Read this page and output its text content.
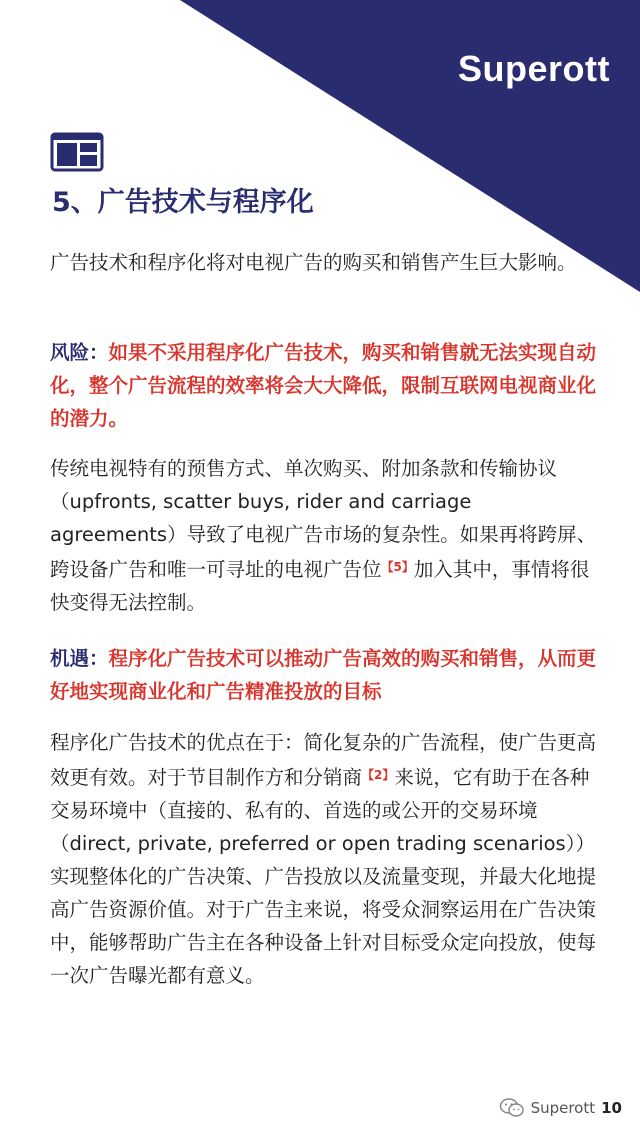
Superott
5、广告技术与程序化

广告技术和程序化将对电视广告的购买和销售产生巨大影响。

风险：如果不采用程序化广告技术，购买和销售就无法实现自动化，整个广告流程的效率将会大大降低，限制互联网电视商业化的潜力。

传统电视特有的预售方式、单次购买、附加条款和传输协议（upfronts, scatter buys, rider and carriage agreements）导致了电视广告市场的复杂性。如果再将跨屏、跨设备广告和唯一可寻址的电视广告位$^{【5】}$加入其中，事情将很快变得无法控制。

机遇：程序化广告技术可以推动广告高效的购买和销售，从而更好地实现商业化和广告精准投放的目标

程序化广告技术的优点在于：简化复杂的广告流程，使广告更高效更有效。对于节目制作方和分销商$^{【2】}$来说，它有助于在各种交易环境中（直接的、私有的、首选的或公开的交易环境（direct, private, preferred or open trading scenarios））实现整体化的广告决策、广告投放以及流量变现，并最大化地提高广告资源价值。对于广告主来说，将受众洞察运用在广告决策中，能够帮助广告主在各种设备上针对目标受众定向投放，使每一次广告曝光都有意义。

Superott 10
